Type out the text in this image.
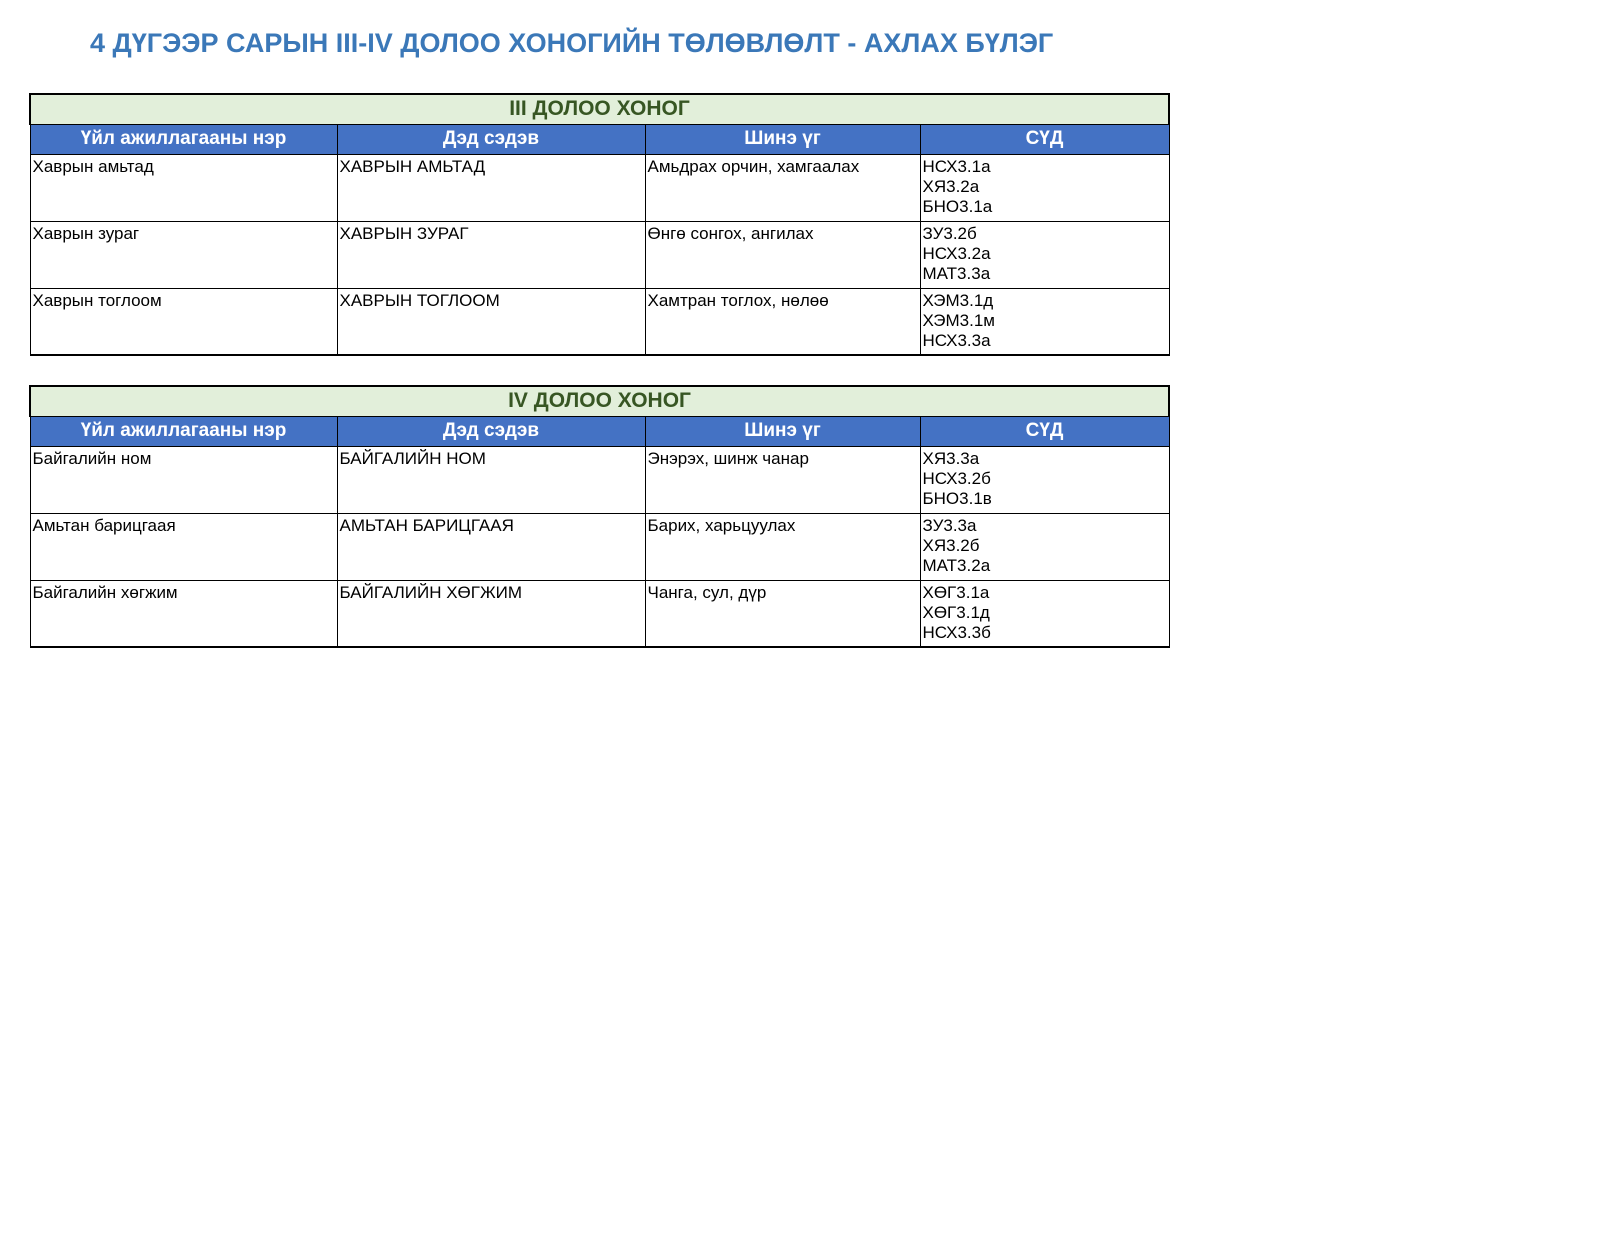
4 ДҮГЭЭР САРЫН III-IV ДОЛОО ХОНОГИЙН ТӨЛӨВЛӨЛТ - АХЛАХ БҮЛЭГ
III ДОЛОО ХОНОГ			
Үйл ажиллагааны нэр	Дэд сэдэв	Шинэ үг	СҮД
Хаврын амьтад	ХАВРЫН АМЬТАД	Амьдрах орчин, хамгаалах	НСХ3.1а
ХЯ3.2а
БНО3.1а

Хаврын зураг	ХАВРЫН ЗУРАГ	Өнгө сонгох, ангилах	ЗУ3.2б
НСХ3.2а
МАТ3.3а

Хаврын тоглоом	ХАВРЫН ТОГЛООМ	Хамтран тоглох, нөлөө	ХЭМ3.1д
ХЭМ3.1м
НСХ3.3а
IV ДОЛОО ХОНОГ			
Үйл ажиллагааны нэр	Дэд сэдэв	Шинэ үг	СҮД
Байгалийн ном	БАЙГАЛИЙН НОМ	Энэрэх, шинж чанар	ХЯ3.3а
НСХ3.2б
БНО3.1в

Амьтан барицгаая	АМЬТАН БАРИЦГААЯ	Барих, харьцуулах	ЗУ3.3а
ХЯ3.2б
МАТ3.2а

Байгалийн хөгжим	БАЙГАЛИЙН ХӨГЖИМ	Чанга, сул, дүр	ХӨГ3.1а
ХӨГ3.1д
НСХ3.3б
